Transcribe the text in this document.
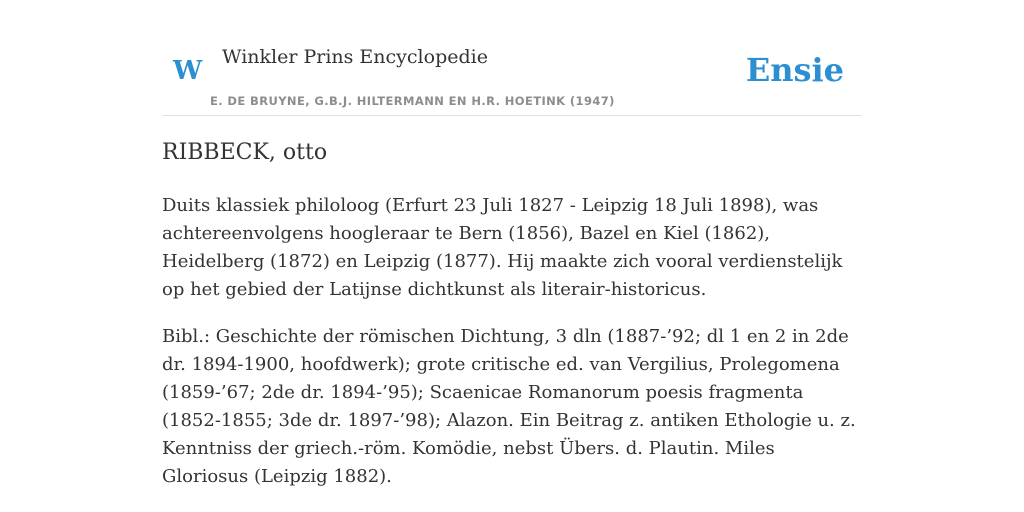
W Winkler Prins Encyclopedie
E. DE BRUYNE, G.B.J. HILTERMANN EN H.R. HOETINK (1947)
Ensie
RIBBECK, otto

Duits klassiek philoloog (Erfurt 23 Juli 1827 - Leipzig 18 Juli 1898), was achtereenvolgens hoogleraar te Bern (1856), Bazel en Kiel (1862), Heidelberg (1872) en Leipzig (1877). Hij maakte zich vooral verdienstelijk op het gebied der Latijnse dichtkunst als literair-historicus.

Bibl.: Geschichte der römischen Dichtung, 3 dln (1887-’92; dl 1 en 2 in 2de dr. 1894-1900, hoofdwerk); grote critische ed. van Vergilius, Prolegomena (1859-’67; 2de dr. 1894-’95); Scaenicae Romanorum poesis fragmenta (1852-1855; 3de dr. 1897-’98); Alazon. Ein Beitrag z. antiken Ethologie u. z. Kenntniss der griech.-röm. Komödie, nebst Übers. d. Plautin. Miles Gloriosus (Leipzig 1882).
